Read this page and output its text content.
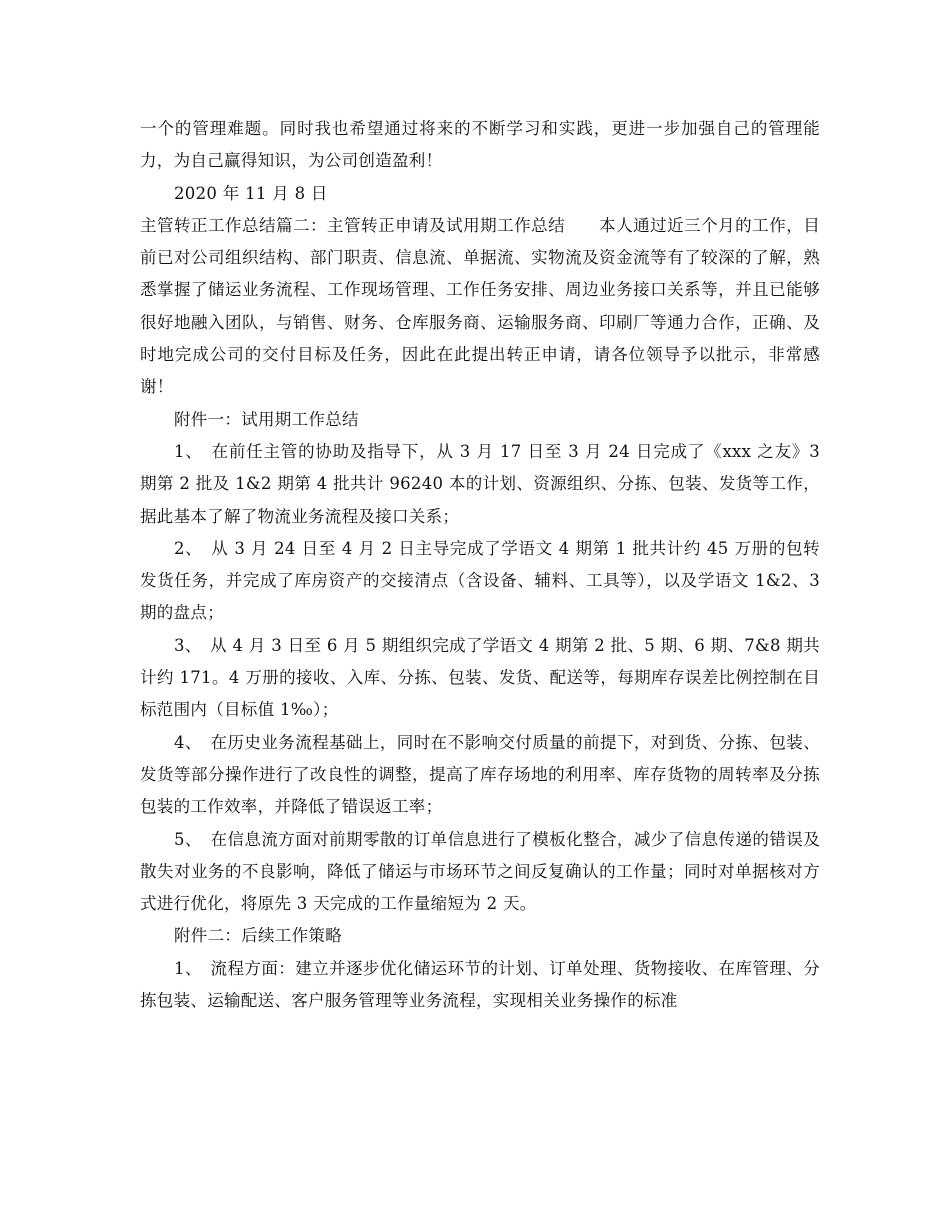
一个的管理难题。同时我也希望通过将来的不断学习和实践，更进一步加强自己的管理能力，为自己赢得知识，为公司创造盈利！

2020 年 11 月 8 日

主管转正工作总结篇二：主管转正申请及试用期工作总结　　本人通过近三个月的工作，目前已对公司组织结构、部门职责、信息流、单据流、实物流及资金流等有了较深的了解，熟悉掌握了储运业务流程、工作现场管理、工作任务安排、周边业务接口关系等，并且已能够很好地融入团队，与销售、财务、仓库服务商、运输服务商、印刷厂等通力合作，正确、及时地完成公司的交付目标及任务，因此在此提出转正申请，请各位领导予以批示，非常感谢！

附件一：试用期工作总结

1、　在前任主管的协助及指导下，从 3 月 17 日至 3 月 24 日完成了《xxx 之友》3 期第 2 批及 1&2 期第 4 批共计 96240 本的计划、资源组织、分拣、包装、发货等工作，据此基本了解了物流业务流程及接口关系；

2、　从 3 月 24 日至 4 月 2 日主导完成了学语文 4 期第 1 批共计约 45 万册的包转发货任务，并完成了库房资产的交接清点（含设备、辅料、工具等），以及学语文 1&2、3 期的盘点；

3、　从 4 月 3 日至 6 月 5 期组织完成了学语文 4 期第 2 批、5 期、6 期、7&8 期共计约 171。4 万册的接收、入库、分拣、包装、发货、配送等，每期库存误差比例控制在目标范围内（目标值 1‰）；

4、　在历史业务流程基础上，同时在不影响交付质量的前提下，对到货、分拣、包装、发货等部分操作进行了改良性的调整，提高了库存场地的利用率、库存货物的周转率及分拣包装的工作效率，并降低了错误返工率；

5、　在信息流方面对前期零散的订单信息进行了模板化整合，减少了信息传递的错误及散失对业务的不良影响，降低了储运与市场环节之间反复确认的工作量；同时对单据核对方式进行优化，将原先 3 天完成的工作量缩短为 2 天。

附件二：后续工作策略

1、　流程方面：建立并逐步优化储运环节的计划、订单处理、货物接收、在库管理、分拣包装、运输配送、客户服务管理等业务流程，实现相关业务操作的标准
